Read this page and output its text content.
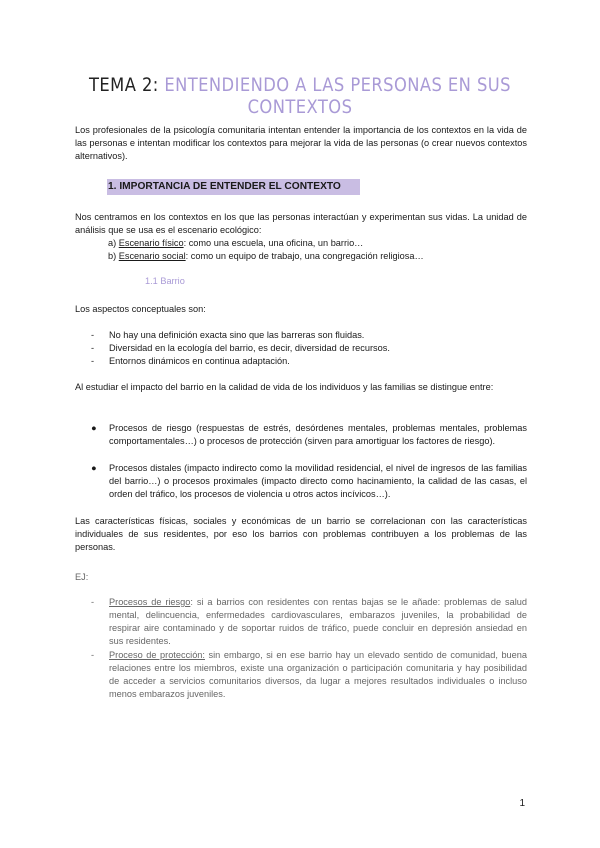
TEMA 2: ENTENDIENDO A LAS PERSONAS EN SUS CONTEXTOS

Los profesionales de la psicología comunitaria intentan entender la importancia de los contextos en la vida de las personas e intentan modificar los contextos para mejorar la vida de las personas (o crear nuevos contextos alternativos).

1. IMPORTANCIA DE ENTENDER EL CONTEXTO

Nos centramos en los contextos en los que las personas interactúan y experimentan sus vidas. La unidad de análisis que se usa es el escenario ecológico:

a) Escenario físico: como una escuela, una oficina, un barrio…
b) Escenario social: como un equipo de trabajo, una congregación religiosa…
1.1 Barrio

Los aspectos conceptuales son:

- No hay una definición exacta sino que las barreras son fluidas.
- Diversidad en la ecología del barrio, es decir, diversidad de recursos.
- Entornos dinámicos en continua adaptación.

Al estudiar el impacto del barrio en la calidad de vida de los individuos y las familias se distingue entre:

● Procesos de riesgo (respuestas de estrés, desórdenes mentales, problemas mentales, problemas comportamentales…) o procesos de protección (sirven para amortiguar los factores de riesgo).
● Procesos distales (impacto indirecto como la movilidad residencial, el nivel de ingresos de las familias del barrio…) o procesos proximales (impacto directo como hacinamiento, la calidad de las casas, el orden del tráfico, los procesos de violencia u otros actos incívicos…).

Las características físicas, sociales y económicas de un barrio se correlacionan con las características individuales de sus residentes, por eso los barrios con problemas contribuyen a los problemas de las personas.

EJ:

- Procesos de riesgo: si a barrios con residentes con rentas bajas se le añade: problemas de salud mental, delincuencia, enfermedades cardiovasculares, embarazos juveniles, la probabilidad de respirar aire contaminado y de soportar ruidos de tráfico, puede concluir en depresión ansiedad en sus residentes.
- Proceso de protección: sin embargo, si en ese barrio hay un elevado sentido de comunidad, buena relaciones entre los miembros, existe una organización o participación comunitaria y hay posibilidad de acceder a servicios comunitarios diversos, da lugar a mejores resultados individuales o incluso menos embarazos juveniles.
1
